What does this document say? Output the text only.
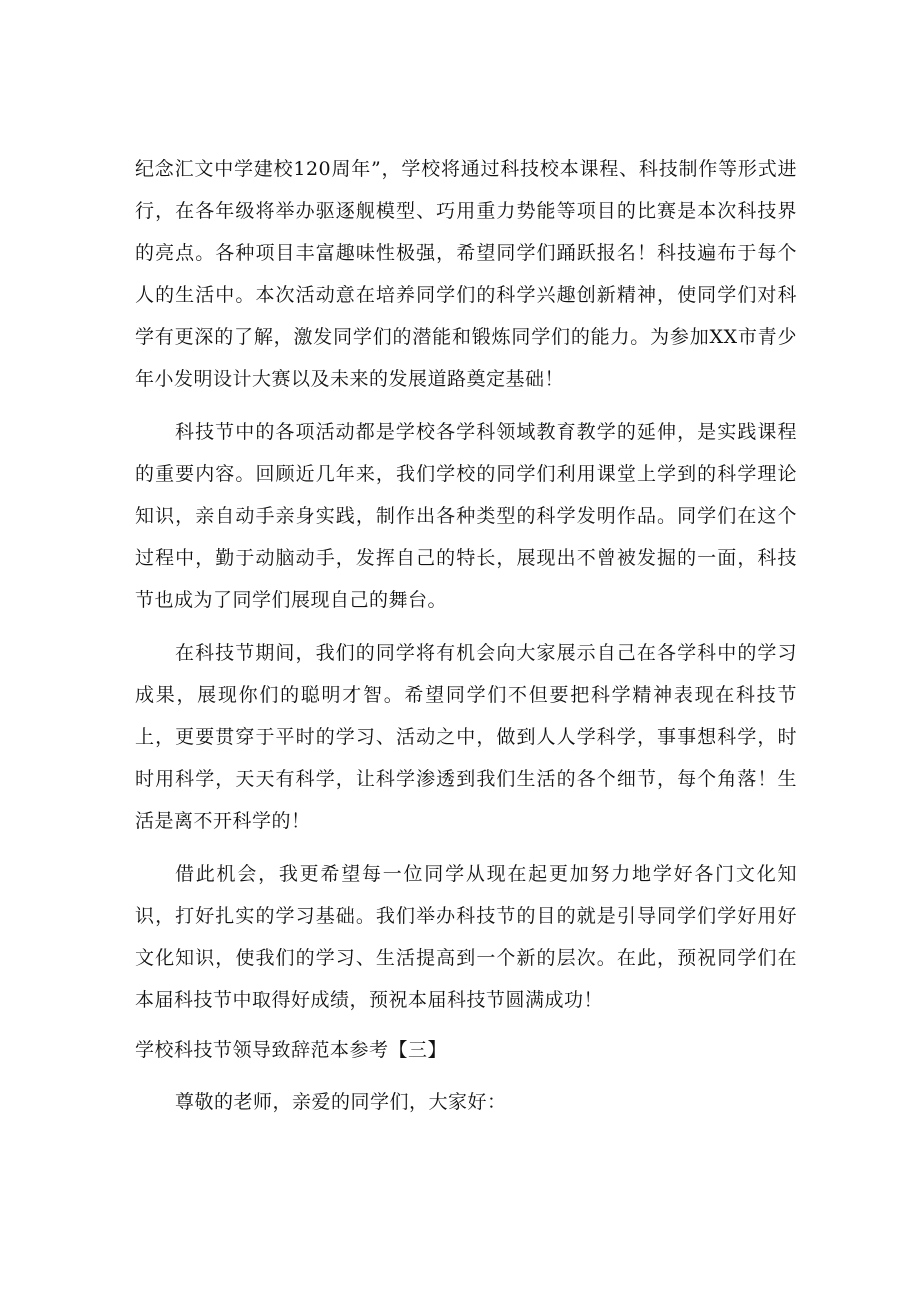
纪念汇文中学建校120周年”，学校将通过科技校本课程、科技制作等形式进行，在各年级将举办驱逐舰模型、巧用重力势能等项目的比赛是本次科技界的亮点。各种项目丰富趣味性极强，希望同学们踊跃报名！科技遍布于每个人的生活中。本次活动意在培养同学们的科学兴趣创新精神，使同学们对科学有更深的了解，激发同学们的潜能和锻炼同学们的能力。为参加XX市青少年小发明设计大赛以及未来的发展道路奠定基础！

科技节中的各项活动都是学校各学科领域教育教学的延伸，是实践课程的重要内容。回顾近几年来，我们学校的同学们利用课堂上学到的科学理论知识，亲自动手亲身实践，制作出各种类型的科学发明作品。同学们在这个过程中，勤于动脑动手，发挥自己的特长，展现出不曾被发掘的一面，科技节也成为了同学们展现自己的舞台。

在科技节期间，我们的同学将有机会向大家展示自己在各学科中的学习成果，展现你们的聪明才智。希望同学们不但要把科学精神表现在科技节上，更要贯穿于平时的学习、活动之中，做到人人学科学，事事想科学，时时用科学，天天有科学，让科学渗透到我们生活的各个细节，每个角落！生活是离不开科学的！

借此机会，我更希望每一位同学从现在起更加努力地学好各门文化知识，打好扎实的学习基础。我们举办科技节的目的就是引导同学们学好用好文化知识，使我们的学习、生活提高到一个新的层次。在此，预祝同学们在本届科技节中取得好成绩，预祝本届科技节圆满成功！

学校科技节领导致辞范本参考【三】

尊敬的老师，亲爱的同学们，大家好：
